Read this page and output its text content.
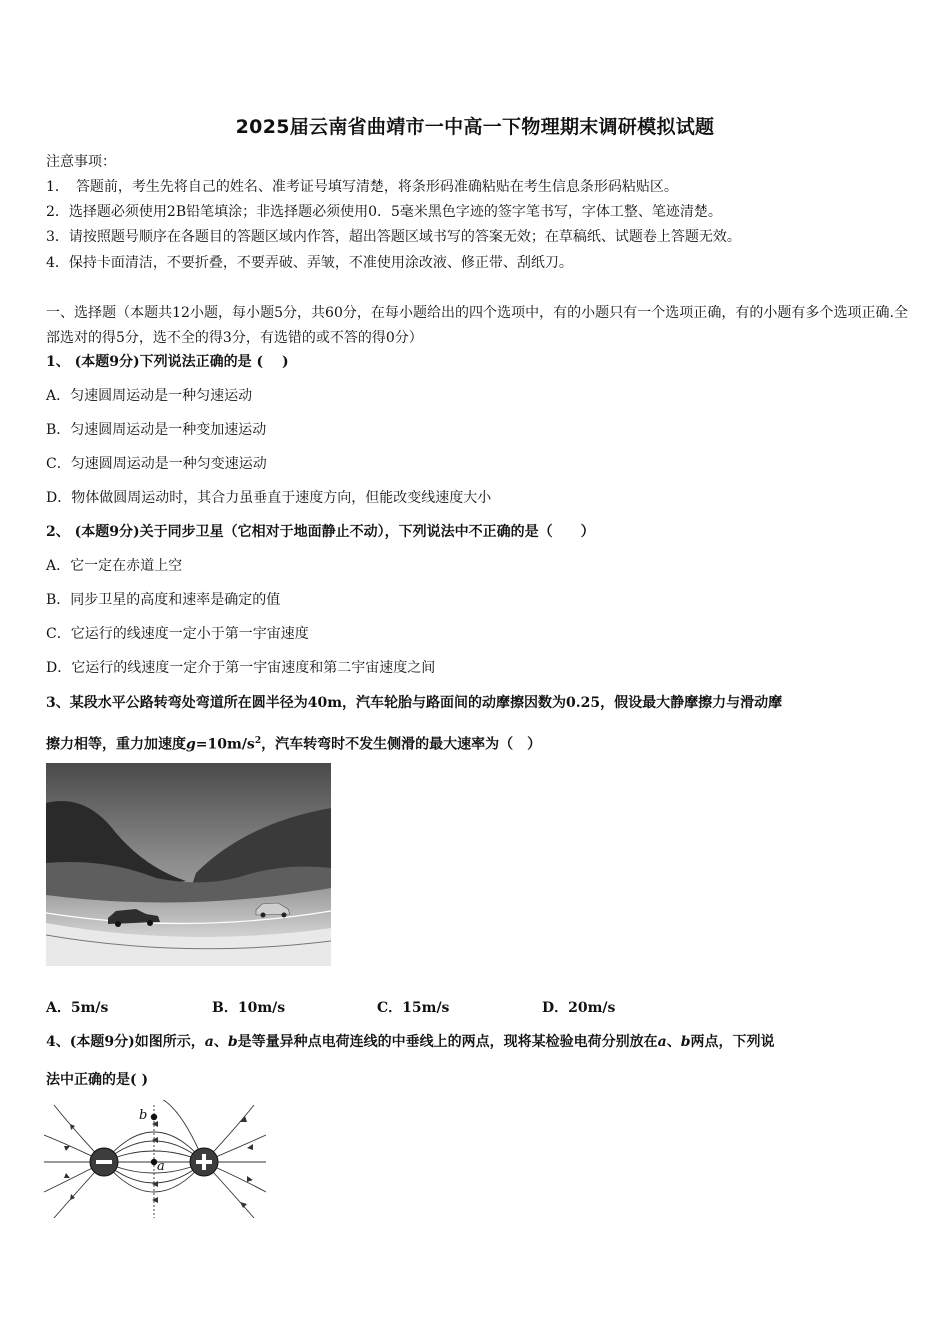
2025届云南省曲靖市一中高一下物理期末调研模拟试题
注意事项：
1．　答题前，考生先将自己的姓名、准考证号填写清楚，将条形码准确粘贴在考生信息条形码粘贴区。
2．选择题必须使用2B铅笔填涂；非选择题必须使用0．5毫米黑色字迹的签字笔书写，字体工整、笔迹清楚。
3．请按照题号顺序在各题目的答题区域内作答，超出答题区域书写的答案无效；在草稿纸、试题卷上答题无效。
4．保持卡面清洁，不要折叠，不要弄破、弄皱，不准使用涂改液、修正带、刮纸刀。
一、选择题（本题共12小题，每小题5分，共60分，在每小题给出的四个选项中，有的小题只有一个选项正确，有的小题有多个选项正确.全部选对的得5分，选不全的得3分，有选错的或不答的得0分）
1、 (本题9分)下列说法正确的是 (　 )
A．匀速圆周运动是一种匀速运动
B．匀速圆周运动是一种变加速运动
C．匀速圆周运动是一种匀变速运动
D．物体做圆周运动时，其合力虽垂直于速度方向，但能改变线速度大小
2、 (本题9分)关于同步卫星（它相对于地面静止不动），下列说法中不正确的是（　　）
A．它一定在赤道上空
B．同步卫星的高度和速率是确定的值
C．它运行的线速度一定小于第一宇宙速度
D．它运行的线速度一定介于第一宇宙速度和第二宇宙速度之间
3、某段水平公路转弯处弯道所在圆半径为40m，汽车轮胎与路面间的动摩擦因数为0.25，假设最大静摩擦力与滑动摩
擦力相等，重力加速度$g=10m/s^2$，汽车转弯时不发生侧滑的最大速率为（　）
A．5m/s	B．10m/s	C．15m/s	D．20m/s
4、(本题9分)如图所示，a、b是等量异种点电荷连线的中垂线上的两点，现将某检验电荷分别放在a、b两点，下列说
法中正确的是( )
b
a
